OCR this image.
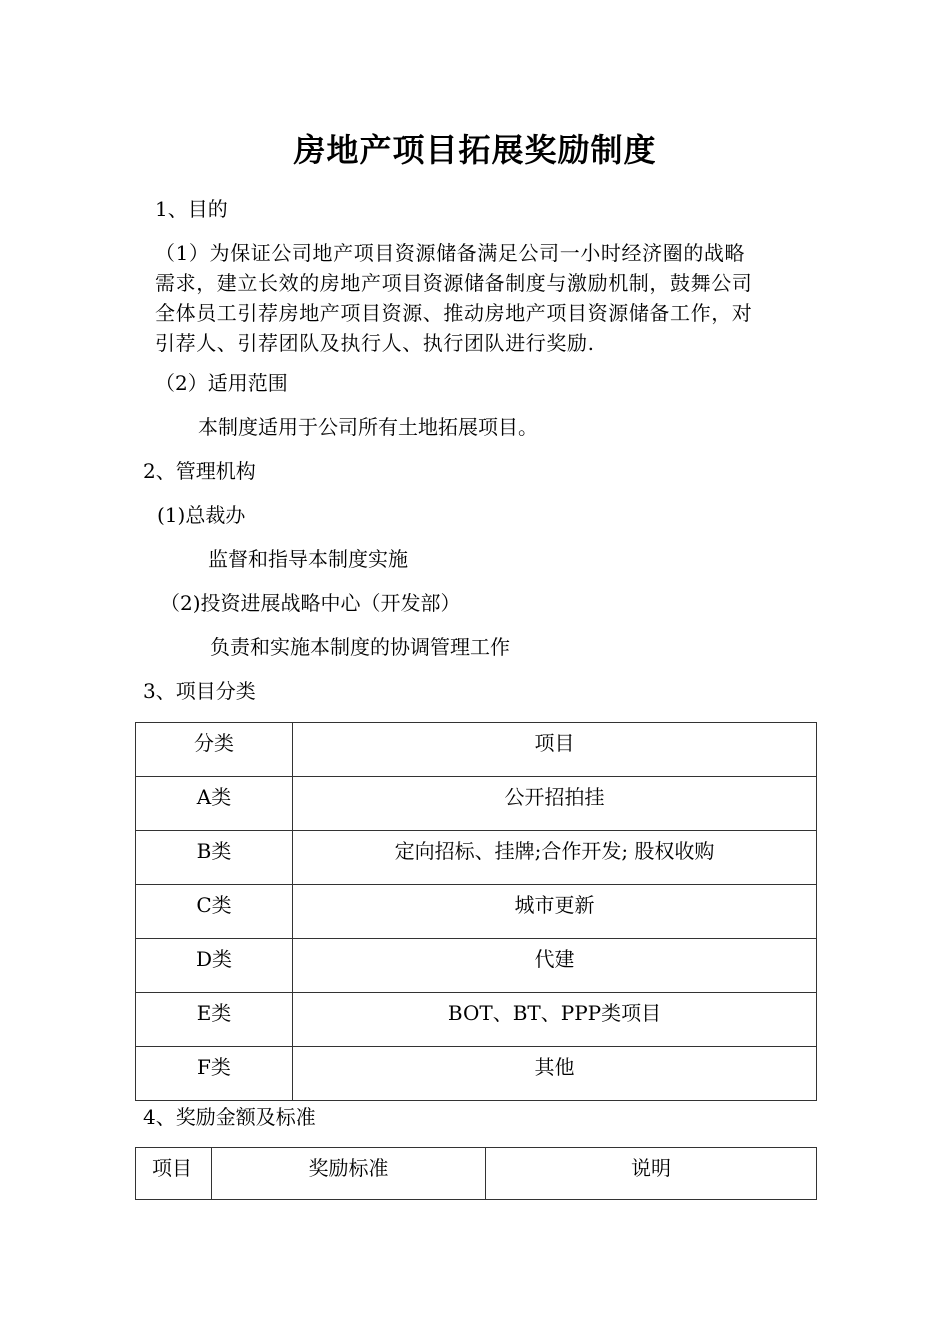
房地产项目拓展奖励制度
1、目的
（1）为保证公司地产项目资源储备满足公司一小时经济圈的战略
需求，建立长效的房地产项目资源储备制度与激励机制，鼓舞公司
全体员工引荐房地产项目资源、推动房地产项目资源储备工作，对
引荐人、引荐团队及执行人、执行团队进行奖励.
（2）适用范围
本制度适用于公司所有土地拓展项目。
2、管理机构
(1)总裁办
监督和指导本制度实施
（2)投资进展战略中心（开发部）
负责和实施本制度的协调管理工作
3、项目分类
分类	项目

A类	公开招拍挂

B类	定向招标、挂牌;合作开发; 股权收购

C类	城市更新

D类	代建

E类	BOT、BT、PPP类项目

F类	其他
4、奖励金额及标准
项目	奖励标准	说明
